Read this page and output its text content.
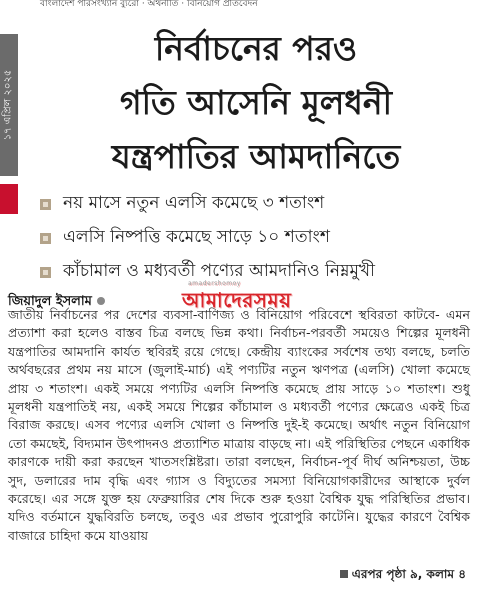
বাংলাদেশ পরিসংখ্যান ব্যুরো · অর্থনীতি · বিনিয়োগ প্রতিবেদন
১৭ এপ্রিল ২০২৫
নির্বাচনের পরও
গতি আসেনি মূলধনী
যন্ত্রপাতির আমদানিতে
নয় মাসে নতুন এলসি কমেছে ৩ শতাংশ
এলসি নিষ্পত্তি কমেছে সাড়ে ১০ শতাংশ
কাঁচামাল ও মধ্যবর্তী পণ্যের আমদানিও নিম্নমুখী
জিয়াদুল ইসলাম
amadershomoy
আমাদেরসময়

জাতীয় নির্বাচনের পর দেশের ব্যবসা-বাণিজ্য ও বিনিয়োগ পরিবেশে স্থবিরতা কাটবে- এমন প্রত্যাশা করা হলেও বাস্তব চিত্র বলছে ভিন্ন কথা। নির্বাচন-পরবর্তী সময়েও শিল্পের মূলধনী যন্ত্রপাতির আমদানি কার্যত স্থবিরই রয়ে গেছে। কেন্দ্রীয় ব্যাংকের সর্বশেষ তথ্য বলছে, চলতি অর্থবছরের প্রথম নয় মাসে (জুলাই-মার্চ) এই পণ্যটির নতুন ঋণপত্র (এলসি) খোলা কমেছে প্রায় ৩ শতাংশ। একই সময়ে পণ্যটির এলসি নিষ্পত্তি কমেছে প্রায় সাড়ে ১০ শতাংশ। শুধু মূলধনী যন্ত্রপাতিই নয়, একই সময়ে শিল্পের কাঁচামাল ও মধ্যবর্তী পণ্যের ক্ষেত্রেও একই চিত্র বিরাজ করছে। এসব পণ্যের এলসি খোলা ও নিষ্পত্তি দুই-ই কমেছে। অর্থাৎ নতুন বিনিয়োগ তো কমছেই, বিদ্যমান উৎপাদনও প্রত্যাশিত মাত্রায় বাড়ছে না। এই পরিস্থিতির পেছনে একাধিক কারণকে দায়ী করা করছেন খাতসংশ্লিষ্টরা। তারা বলছেন, নির্বাচন-পূর্ব দীর্ঘ অনিশ্চয়তা, উচ্চ সুদ, ডলারের দাম বৃদ্ধি এবং গ্যাস ও বিদ্যুতের সমস্যা বিনিয়োগকারীদের আস্থাকে দুর্বল করেছে। এর সঙ্গে যুক্ত হয় ফেব্রুয়ারির শেষ দিকে শুরু হওয়া বৈশ্বিক যুদ্ধ পরিস্থিতির প্রভাব। যদিও বর্তমানে যুদ্ধবিরতি চলছে, তবুও এর প্রভাব পুরোপুরি কাটেনি। যুদ্ধের কারণে বৈশ্বিক বাজারে চাহিদা কমে যাওয়ায়

এরপর পৃষ্ঠা ৯, কলাম ৪
